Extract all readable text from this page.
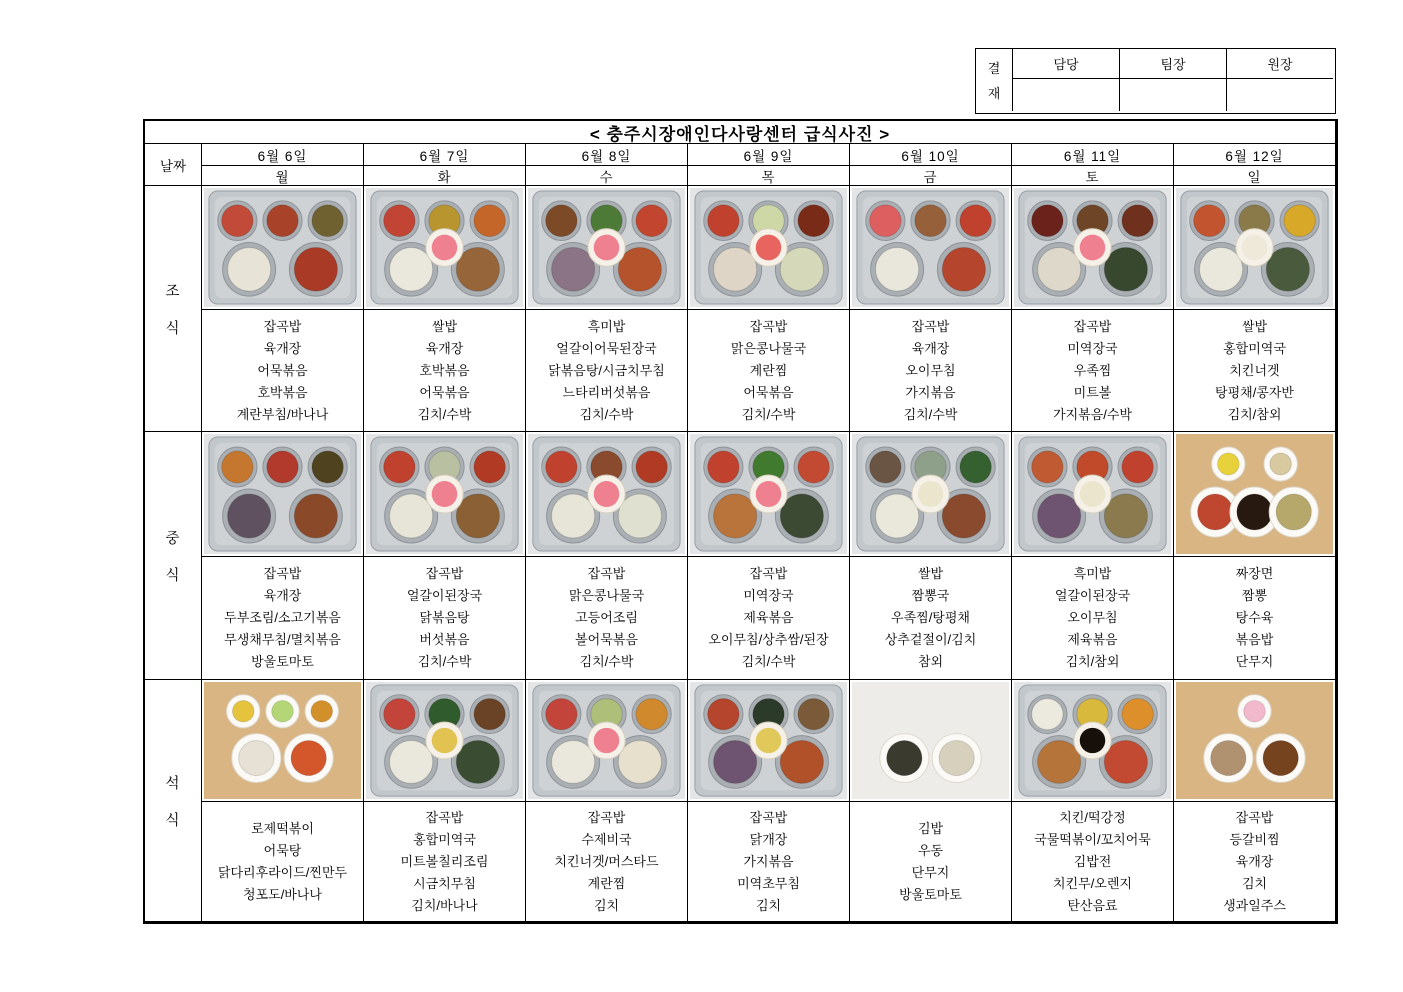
결
재
담당	팀장	원장
< 충주시장애인다사랑센터 급식사진 >
날짜
조
식
중
식
석
식
6월 6일
월
잡곡밥
육개장
어묵볶음
호박볶음
계란부침/바나나
잡곡밥
육개장
두부조림/소고기볶음
무생채무침/멸치볶음
방울토마토
로제떡볶이
어묵탕
닭다리후라이드/찐만두
청포도/바나나
6월 7일
화
쌀밥
육개장
호박볶음
어묵볶음
김치/수박
잡곡밥
얼갈이된장국
닭볶음탕
버섯볶음
김치/수박
잡곡밥
홍합미역국
미트볼칠리조림
시금치무침
김치/바나나
6월 8일
수
흑미밥
얼갈이어묵된장국
닭볶음탕/시금치무침
느타리버섯볶음
김치/수박
잡곡밥
맑은콩나물국
고등어조림
볼어묵볶음
김치/수박
잡곡밥
수제비국
치킨너겟/머스타드
계란찜
김치
6월 9일
목
잡곡밥
맑은콩나물국
계란찜
어묵볶음
김치/수박
잡곡밥
미역장국
제육볶음
오이무침/상추쌈/된장
김치/수박
잡곡밥
닭개장
가지볶음
미역초무침
김치
6월 10일
금
잡곡밥
육개장
오이무침
가지볶음
김치/수박
쌀밥
짬뽕국
우족찜/탕평채
상추겉절이/김치
참외
김밥
우동
단무지
방울토마토
6월 11일
토
잡곡밥
미역장국
우족찜
미트볼
가지볶음/수박
흑미밥
얼갈이된장국
오이무침
제육볶음
김치/참외
치킨/떡강정
국물떡볶이/꼬치어묵
김밥전
치킨무/오렌지
탄산음료
6월 12일
일
쌀밥
홍합미역국
치킨너겟
탕평채/콩자반
김치/참외
짜장면
짬뽕
탕수육
볶음밥
단무지
잡곡밥
등갈비찜
육개장
김치
생과일주스
